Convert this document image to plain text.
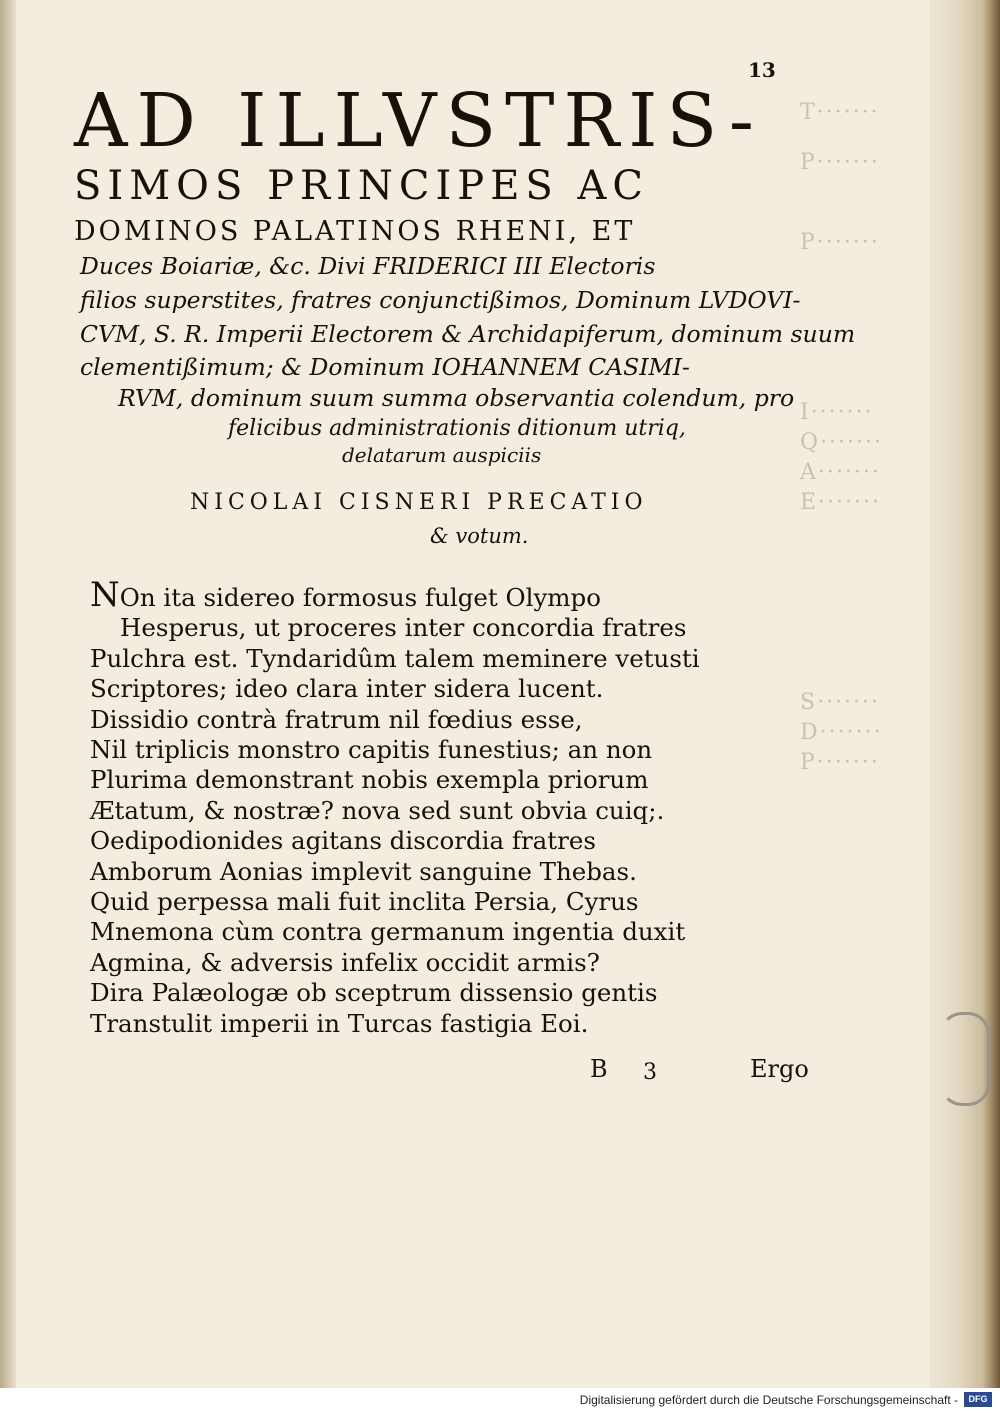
T·······
P·······
P·······
I·······
Q·······
A·······
E·······
S·······
D·······
P·······
13
AD ILLVSTRIS-
SIMOS PRINCIPES AC
DOMINOS PALATINOS RHENI, ET
Duces Boiariæ, &c. Divi FRIDERICI III Electoris
filios superstites, fratres conjunctißimos, Dominum LVDOVI-
CVM, S. R. Imperii Electorem & Archidapiferum, dominum suum
clementißimum; & Dominum IOHANNEM CASIMI-
RVM, dominum suum summa observantia colendum, pro
felicibus administrationis ditionum utriq,
delatarum auspiciis
NICOLAI CISNERI PRECATIO
& votum.
NOn ita sidereo formosus fulget Olympo
Hesperus, ut proceres inter concordia fratres
Pulchra est. Tyndaridûm talem meminere vetusti
Scriptores; ideo clara inter sidera lucent.
Dissidio contrà fratrum nil fœdius esse,
Nil triplicis monstro capitis funestius; an non
Plurima demonstrant nobis exempla priorum
Ætatum, & nostræ? nova sed sunt obvia cuiq;.
Oedipodionides agitans discordia fratres
Amborum Aonias implevit sanguine Thebas.
Quid perpessa mali fuit inclita Persia, Cyrus
Mnemona cùm contra germanum ingentia duxit
Agmina, & adversis infelix occidit armis?
Dira Palæologæ ob sceptrum dissensio gentis
Transtulit imperii in Turcas fastigia Eoi.
B 3	Ergo
Digitalisierung gefördert durch die Deutsche Forschungsgemeinschaft -	DFG
